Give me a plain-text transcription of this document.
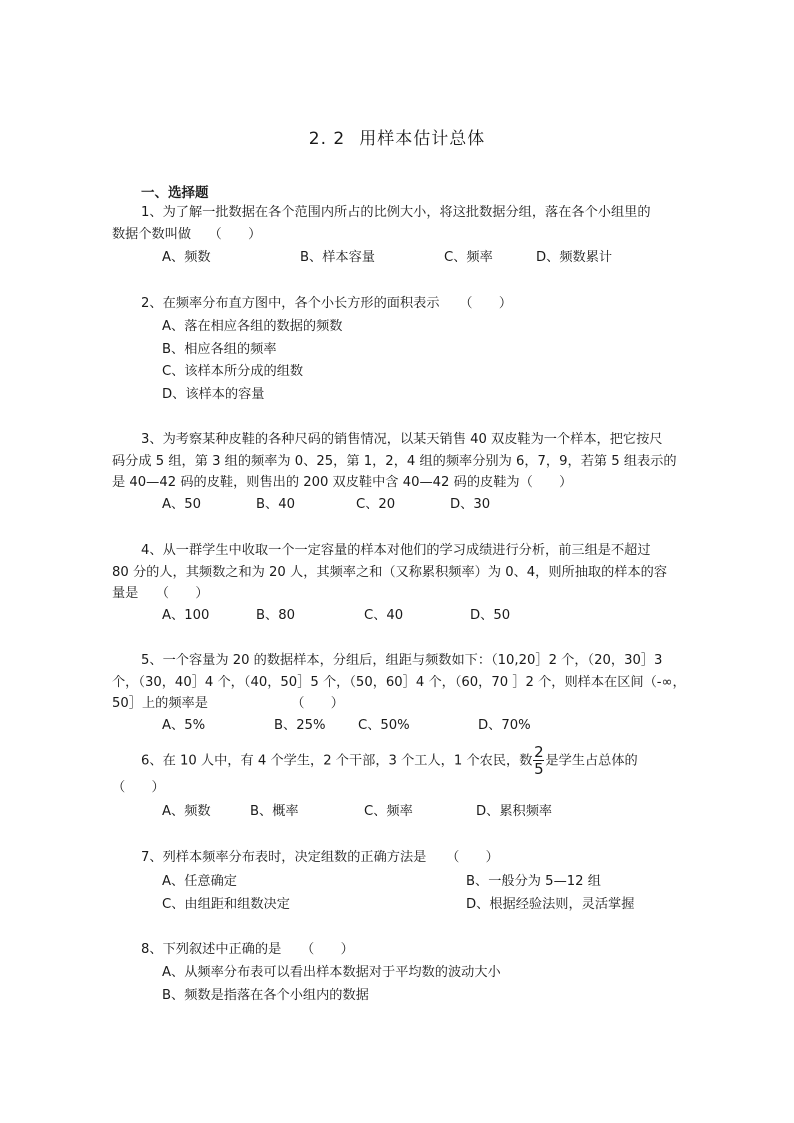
2. 2 用样本估计总体
一、选择题
1、为了解一批数据在各个范围内所占的比例大小，将这批数据分组，落在各个小组里的
数据个数叫做　 （　　）
A、频数	B、样本容量	C、频率	D、频数累计
2、在频率分布直方图中，各个小长方形的面积表示　　（　　）
A、落在相应各组的数据的频数
B、相应各组的频率
C、该样本所分成的组数
D、该样本的容量
3、为考察某种皮鞋的各种尺码的销售情况，以某天销售 40 双皮鞋为一个样本，把它按尺
码分成 5 组，第 3 组的频率为 0、25，第 1，2，4 组的频率分别为 6，7，9，若第 5 组表示的
是 40—42 码的皮鞋，则售出的 200 双皮鞋中含 40—42 码的皮鞋为（　　）
A、50	B、40	C、20	D、30
4、从一群学生中收取一个一定容量的样本对他们的学习成绩进行分析，前三组是不超过
80 分的人，其频数之和为 20 人，其频率之和（又称累积频率）为 0、4，则所抽取的样本的容
量是　 （　　）
A、100	B、80	C、40	D、50
5、一个容量为 20 的数据样本，分组后，组距与频数如下：（10,20］2 个，（20，30］3
个，（30，40］4 个，（40，50］5 个，（50，60］4 个，（60，70 ］2 个，则样本在区间（-∞，
50］上的频率是　　　　　　 （　　）
A、5%	B、25% C、50%	D、70%
6、在 10 人中，有 4 个学生，2 个干部，3 个工人，1 个农民，数$\frac{2}{5}$是学生占总体的
（　　）
A、频数	B、概率	C、频率	D、累积频率
7、列样本频率分布表时，决定组数的正确方法是　　（　　）
A、任意确定	B、一般分为 5—12 组
C、由组距和组数决定	D、根据经验法则，灵活掌握
8、下列叙述中正确的是　　（　　）
A、从频率分布表可以看出样本数据对于平均数的波动大小
B、频数是指落在各个小组内的数据
